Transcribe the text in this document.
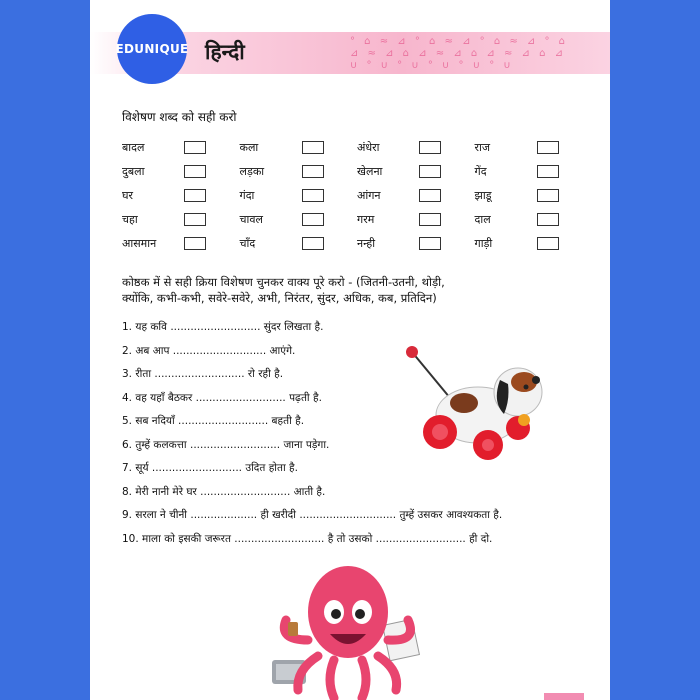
° ⌂ ≈ ⊿ ° ⌂ ≈ ⊿ ° ⌂ ≈ ⊿ ° ⌂
⊿ ≈ ⊿ ⌂ ⊿ ≈ ⊿ ⌂ ⊿ ≈ ⊿ ⌂ ⊿
∪ ° ∪ ° ∪ ° ∪ ° ∪ ° ∪
EDUNIQUE हिन्दी
विशेषण शब्द को सही करो
बादल	कला	अंधेरा	राज
दुबला	लड़का	खेलना	गेंद
घर	गंदा	आंगन	झाडू
चहा	चावल	गरम	दाल
आसमान	चाँद	नन्ही	गाड़ी
कोष्ठक में से सही क्रिया विशेषण चुनकर वाक्य पूरे करो - (जितनी-उतनी, थोड़ी,
क्योंकि, कभी-कभी, सवेरे-सवेरे, अभी, निरंतर, सुंदर, अधिक, कब, प्रतिदिन)
1. यह कवि ........................... सुंदर लिखता है.
2. अब आप ............................ आएंगे.
3. रीता ........................... रो रही है.
4. वह यहाँ बैठकर ........................... पढ़ती है.
5. सब नदियाँ ........................... बहती है.
6. तुम्हें कलकत्ता ........................... जाना पड़ेगा.
7. सूर्य ........................... उदित होता है.
8. मेरी नानी मेरे घर ........................... आती है.
9. सरला ने चीनी .................... ही खरीदी ............................. तुम्हें उसकर आवश्यकता है.
10. माला को इसकी जरूरत ........................... है तो उसको ........................... ही दो.
